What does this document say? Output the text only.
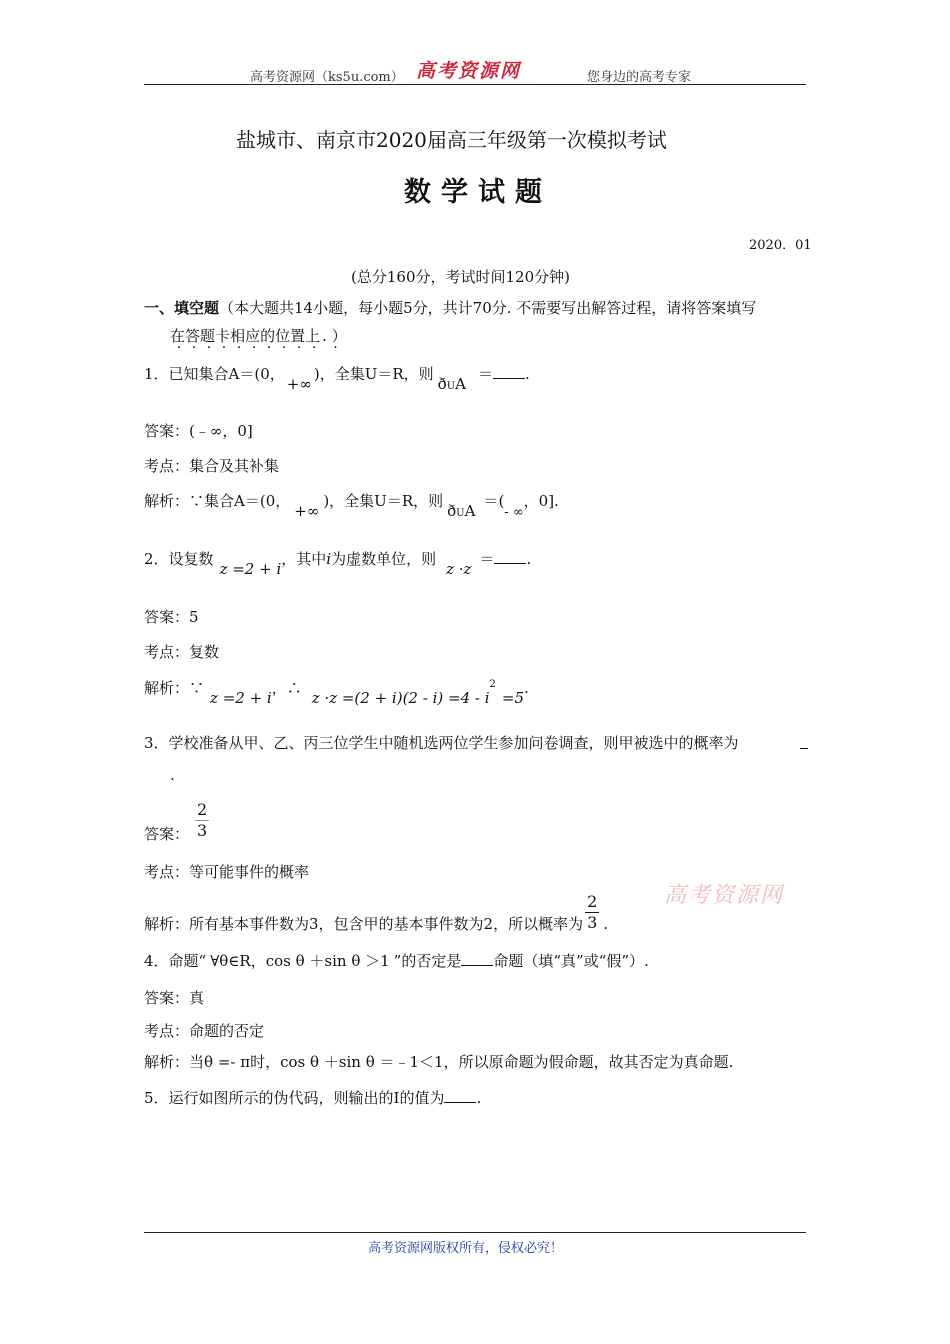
高考资源网（ks5u.com） 高考资源网	您身边的高考专家
盐城市、南京市2020届高三年级第一次模拟考试
数学试题
2020．01
(总分160分，考试时间120分钟)
一、填空题（本大题共14小题，每小题5分，共计70分. 不需要写出解答过程，请将答案填写
在答题卡相应的位置上 . ） ·
1．已知集合A＝(0，+∞)，全集U＝R，则$ð_UA=$ .
答案：(﹣∞，0]
考点：集合及其补集
解析：∵集合A＝(0，+∞)，全集U＝R，则$ð_UA=(-$ ∞，0].
2．设复数z =2 + i，其中i为虚数单位，则z ·z＝ .
答案：5
考点：复数
解析：∵z =2 + i，∴z $\cdot z =(2 + i)(2 - i) =4 - i^2=5$.
3．学校准备从甲、乙、丙三位学生中随机选两位学生参加问卷调查，则甲被选中的概率为
.
答案： $\frac{2}{3}$
考点：等可能事件的概率
解析：所有基本事件数为3，包含甲的基本事件数为2，所以概率为 $\frac{2}{3}$ .
高考资源网
4．命题“ ∀θ∈R，cos θ ＋sin θ ＞1 ”的否定是 命题（填“真”或“假”）.
答案：真
考点：命题的否定
解析：当θ =- π时，cos θ ＋sin θ ＝﹣1＜1，所以原命题为假命题，故其否定为真命题.
5．运行如图所示的伪代码，则输出的I的值为 .
高考资源网版权所有，侵权必究！
